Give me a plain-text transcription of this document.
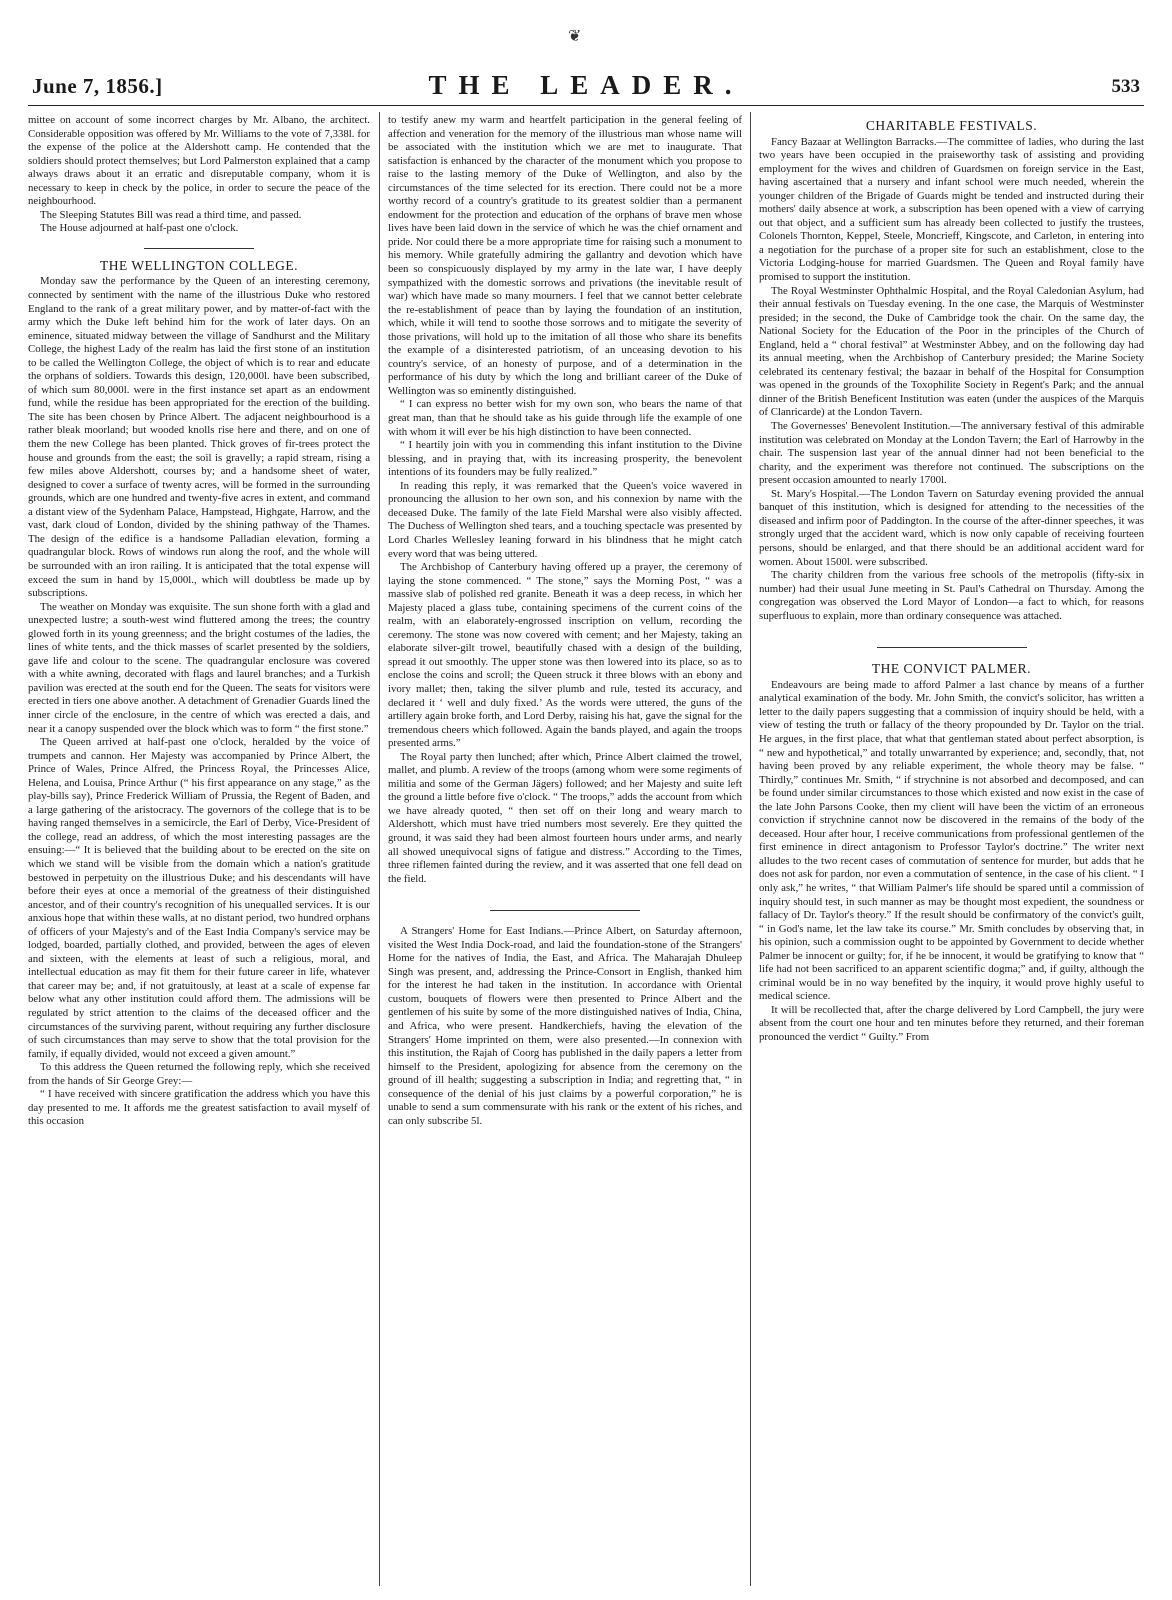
❦
June 7, 1856.]	THE LEADER.	533

mittee on account of some incorrect charges by Mr. Albano, the architect. Considerable opposition was offered by Mr. Williams to the vote of 7,338l. for the expense of the police at the Aldershott camp. He contended that the soldiers should protect themselves; but Lord Palmerston explained that a camp always draws about it an erratic and disreputable company, whom it is necessary to keep in check by the police, in order to secure the peace of the neighbourhood.

The Sleeping Statutes Bill was read a third time, and passed.

The House adjourned at half-past one o'clock.

THE WELLINGTON COLLEGE.

Monday saw the performance by the Queen of an interesting ceremony, connected by sentiment with the name of the illustrious Duke who restored England to the rank of a great military power, and by matter-of-fact with the army which the Duke left behind him for the work of later days. On an eminence, situated midway between the village of Sandhurst and the Military College, the highest Lady of the realm has laid the first stone of an institution to be called the Wellington College, the object of which is to rear and educate the orphans of soldiers. Towards this design, 120,000l. have been subscribed, of which sum 80,000l. were in the first instance set apart as an endowment fund, while the residue has been appropriated for the erection of the building. The site has been chosen by Prince Albert. The adjacent neighbourhood is a rather bleak moorland; but wooded knolls rise here and there, and on one of them the new College has been planted. Thick groves of fir-trees protect the house and grounds from the east; the soil is gravelly; a rapid stream, rising a few miles above Aldershott, courses by; and a handsome sheet of water, designed to cover a surface of twenty acres, will be formed in the surrounding grounds, which are one hundred and twenty-five acres in extent, and command a distant view of the Sydenham Palace, Hampstead, Highgate, Harrow, and the vast, dark cloud of London, divided by the shining pathway of the Thames. The design of the edifice is a handsome Palladian elevation, forming a quadrangular block. Rows of windows run along the roof, and the whole will be surrounded with an iron railing. It is anticipated that the total expense will exceed the sum in hand by 15,000l., which will doubtless be made up by subscriptions.

The weather on Monday was exquisite. The sun shone forth with a glad and unexpected lustre; a south-west wind fluttered among the trees; the country glowed forth in its young greenness; and the bright costumes of the ladies, the lines of white tents, and the thick masses of scarlet presented by the soldiers, gave life and colour to the scene. The quadrangular enclosure was covered with a white awning, decorated with flags and laurel branches; and a Turkish pavilion was erected at the south end for the Queen. The seats for visitors were erected in tiers one above another. A detachment of Grenadier Guards lined the inner circle of the enclosure, in the centre of which was erected a dais, and near it a canopy suspended over the block which was to form “ the first stone.”

The Queen arrived at half-past one o'clock, heralded by the voice of trumpets and cannon. Her Majesty was accompanied by Prince Albert, the Prince of Wales, Prince Alfred, the Princess Royal, the Princesses Alice, Helena, and Louisa, Prince Arthur (“ his first appearance on any stage,” as the play-bills say), Prince Frederick William of Prussia, the Regent of Baden, and a large gathering of the aristocracy. The governors of the college that is to be having ranged themselves in a semicircle, the Earl of Derby, Vice-President of the college, read an address, of which the most interesting passages are the ensuing:—“ It is believed that the building about to be erected on the site on which we stand will be visible from the domain which a nation's gratitude bestowed in perpetuity on the illustrious Duke; and his descendants will have before their eyes at once a memorial of the greatness of their distinguished ancestor, and of their country's recognition of his unequalled services. It is our anxious hope that within these walls, at no distant period, two hundred orphans of officers of your Majesty's and of the East India Company's service may be lodged, boarded, partially clothed, and provided, between the ages of eleven and sixteen, with the elements at least of such a religious, moral, and intellectual education as may fit them for their future career in life, whatever that career may be; and, if not gratuitously, at least at a scale of expense far below what any other institution could afford them. The admissions will be regulated by strict attention to the claims of the deceased officer and the circumstances of the surviving parent, without requiring any further disclosure of such circumstances than may serve to show that the total provision for the family, if equally divided, would not exceed a given amount.”

To this address the Queen returned the following reply, which she received from the hands of Sir George Grey:—

“ I have received with sincere gratification the address which you have this day presented to me. It affords me the greatest satisfaction to avail myself of this occasion

to testify anew my warm and heartfelt participation in the general feeling of affection and veneration for the memory of the illustrious man whose name will be associated with the institution which we are met to inaugurate. That satisfaction is enhanced by the character of the monument which you propose to raise to the lasting memory of the Duke of Wellington, and also by the circumstances of the time selected for its erection. There could not be a more worthy record of a country's gratitude to its greatest soldier than a permanent endowment for the protection and education of the orphans of brave men whose lives have been laid down in the service of which he was the chief ornament and pride. Nor could there be a more appropriate time for raising such a monument to his memory. While gratefully admiring the gallantry and devotion which have been so conspicuously displayed by my army in the late war, I have deeply sympathized with the domestic sorrows and privations (the inevitable result of war) which have made so many mourners. I feel that we cannot better celebrate the re-establishment of peace than by laying the foundation of an institution, which, while it will tend to soothe those sorrows and to mitigate the severity of those privations, will hold up to the imitation of all those who share its benefits the example of a disinterested patriotism, of an unceasing devotion to his country's service, of an honesty of purpose, and of a determination in the performance of his duty by which the long and brilliant career of the Duke of Wellington was so eminently distinguished.

“ I can express no better wish for my own son, who bears the name of that great man, than that he should take as his guide through life the example of one with whom it will ever be his high distinction to have been connected.

“ I heartily join with you in commending this infant institution to the Divine blessing, and in praying that, with its increasing prosperity, the benevolent intentions of its founders may be fully realized.”

In reading this reply, it was remarked that the Queen's voice wavered in pronouncing the allusion to her own son, and his connexion by name with the deceased Duke. The family of the late Field Marshal were also visibly affected. The Duchess of Wellington shed tears, and a touching spectacle was presented by Lord Charles Wellesley leaning forward in his blindness that he might catch every word that was being uttered.

The Archbishop of Canterbury having offered up a prayer, the ceremony of laying the stone commenced. “ The stone,” says the Morning Post, “ was a massive slab of polished red granite. Beneath it was a deep recess, in which her Majesty placed a glass tube, containing specimens of the current coins of the realm, with an elaborately-engrossed inscription on vellum, recording the ceremony. The stone was now covered with cement; and her Majesty, taking an elaborate silver-gilt trowel, beautifully chased with a design of the building, spread it out smoothly. The upper stone was then lowered into its place, so as to enclose the coins and scroll; the Queen struck it three blows with an ebony and ivory mallet; then, taking the silver plumb and rule, tested its accuracy, and declared it ‘ well and duly fixed.’ As the words were uttered, the guns of the artillery again broke forth, and Lord Derby, raising his hat, gave the signal for the tremendous cheers which followed. Again the bands played, and again the troops presented arms.”

The Royal party then lunched; after which, Prince Albert claimed the trowel, mallet, and plumb. A review of the troops (among whom were some regiments of militia and some of the German Jägers) followed; and her Majesty and suite left the ground a little before five o'clock. “ The troops,” adds the account from which we have already quoted, “ then set off on their long and weary march to Aldershott, which must have tried numbers most severely. Ere they quitted the ground, it was said they had been almost fourteen hours under arms, and nearly all showed unequivocal signs of fatigue and distress.” According to the Times, three riflemen fainted during the review, and it was asserted that one fell dead on the field.

A Strangers' Home for East Indians.—Prince Albert, on Saturday afternoon, visited the West India Dock-road, and laid the foundation-stone of the Strangers' Home for the natives of India, the East, and Africa. The Maharajah Dhuleep Singh was present, and, addressing the Prince-Consort in English, thanked him for the interest he had taken in the institution. In accordance with Oriental custom, bouquets of flowers were then presented to Prince Albert and the gentlemen of his suite by some of the more distinguished natives of India, China, and Africa, who were present. Handkerchiefs, having the elevation of the Strangers' Home imprinted on them, were also presented.—In connexion with this institution, the Rajah of Coorg has published in the daily papers a letter from himself to the President, apologizing for absence from the ceremony on the ground of ill health; suggesting a subscription in India; and regretting that, “ in consequence of the denial of his just claims by a powerful corporation,” he is unable to send a sum commensurate with his rank or the extent of his riches, and can only subscribe 5l.

CHARITABLE FESTIVALS.

Fancy Bazaar at Wellington Barracks.—The committee of ladies, who during the last two years have been occupied in the praiseworthy task of assisting and providing employment for the wives and children of Guardsmen on foreign service in the East, having ascertained that a nursery and infant school were much needed, wherein the younger children of the Brigade of Guards might be tended and instructed during their mothers' daily absence at work, a subscription has been opened with a view of carrying out that object, and a sufficient sum has already been collected to justify the trustees, Colonels Thornton, Keppel, Steele, Moncrieff, Kingscote, and Carleton, in entering into a negotiation for the purchase of a proper site for such an establishment, close to the Victoria Lodging-house for married Guardsmen. The Queen and Royal family have promised to support the institution.

The Royal Westminster Ophthalmic Hospital, and the Royal Caledonian Asylum, had their annual festivals on Tuesday evening. In the one case, the Marquis of Westminster presided; in the second, the Duke of Cambridge took the chair. On the same day, the National Society for the Education of the Poor in the principles of the Church of England, held a “ choral festival” at Westminster Abbey, and on the following day had its annual meeting, when the Archbishop of Canterbury presided; the Marine Society celebrated its centenary festival; the bazaar in behalf of the Hospital for Consumption was opened in the grounds of the Toxophilite Society in Regent's Park; and the annual dinner of the British Beneficent Institution was eaten (under the auspices of the Marquis of Clanricarde) at the London Tavern.

The Governesses' Benevolent Institution.—The anniversary festival of this admirable institution was celebrated on Monday at the London Tavern; the Earl of Harrowby in the chair. The suspension last year of the annual dinner had not been beneficial to the charity, and the experiment was therefore not continued. The subscriptions on the present occasion amounted to nearly 1700l.

St. Mary's Hospital.—The London Tavern on Saturday evening provided the annual banquet of this institution, which is designed for attending to the necessities of the diseased and infirm poor of Paddington. In the course of the after-dinner speeches, it was strongly urged that the accident ward, which is now only capable of receiving fourteen persons, should be enlarged, and that there should be an additional accident ward for women. About 1500l. were subscribed.

The charity children from the various free schools of the metropolis (fifty-six in number) had their usual June meeting in St. Paul's Cathedral on Thursday. Among the congregation was observed the Lord Mayor of London—a fact to which, for reasons superfluous to explain, more than ordinary consequence was attached.

THE CONVICT PALMER.

Endeavours are being made to afford Palmer a last chance by means of a further analytical examination of the body. Mr. John Smith, the convict's solicitor, has written a letter to the daily papers suggesting that a commission of inquiry should be held, with a view of testing the truth or fallacy of the theory propounded by Dr. Taylor on the trial. He argues, in the first place, that what that gentleman stated about perfect absorption, is “ new and hypothetical,” and totally unwarranted by experience; and, secondly, that, not having been proved by any reliable experiment, the whole theory may be false. “ Thirdly,” continues Mr. Smith, “ if strychnine is not absorbed and decomposed, and can be found under similar circumstances to those which existed and now exist in the case of the late John Parsons Cooke, then my client will have been the victim of an erroneous conviction if strychnine cannot now be discovered in the remains of the body of the deceased. Hour after hour, I receive communications from professional gentlemen of the first eminence in direct antagonism to Professor Taylor's doctrine.” The writer next alludes to the two recent cases of commutation of sentence for murder, but adds that he does not ask for pardon, nor even a commutation of sentence, in the case of his client. “ I only ask,” he writes, “ that William Palmer's life should be spared until a commission of inquiry should test, in such manner as may be thought most expedient, the soundness or fallacy of Dr. Taylor's theory.” If the result should be confirmatory of the convict's guilt, “ in God's name, let the law take its course.” Mr. Smith concludes by observing that, in his opinion, such a commission ought to be appointed by Government to decide whether Palmer be innocent or guilty; for, if he be innocent, it would be gratifying to know that “ life had not been sacrificed to an apparent scientific dogma;” and, if guilty, although the criminal would be in no way benefited by the inquiry, it would prove highly useful to medical science.

It will be recollected that, after the charge delivered by Lord Campbell, the jury were absent from the court one hour and ten minutes before they returned, and their foreman pronounced the verdict “ Guilty.” From
